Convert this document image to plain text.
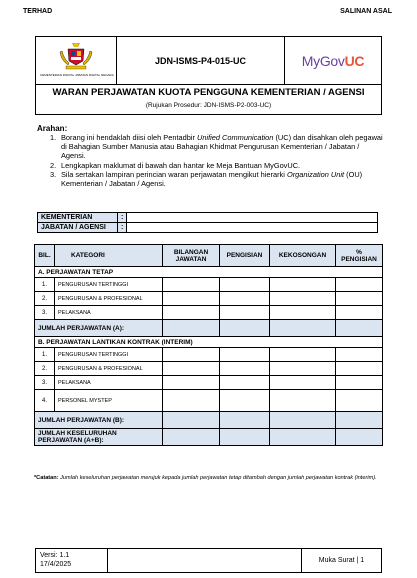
TERHAD	SALINAN ASAL
KEMENTERIAN DIGITAL JABATAN DIGITAL NEGARA
JDN-ISMS-P4-015-UC	MyGovUC
WARAN PERJAWATAN KUOTA PENGGUNA KEMENTERIAN / AGENSI
(Rujukan Prosedur: JDN-ISMS-P2-003-UC)
Arahan:
1. Borang ini hendaklah diisi oleh Pentadbir Unified Communication (UC) dan disahkan oleh pegawai di Bahagian Sumber Manusia atau Bahagian Khidmat Pengurusan Kementerian / Jabatan / Agensi.
2. Lengkapkan maklumat di bawah dan hantar ke Meja Bantuan MyGovUC.
3. Sila sertakan lampiran perincian waran perjawatan mengikut hierarki Organization Unit (OU) Kementerian / Jabatan / Agensi.
KEMENTERIAN	:	
JABATAN / AGENSI	:	
BIL.	KATEGORI	BILANGAN JAWATAN	PENGISIAN	KEKOSONGAN	% PENGISIAN
A. PERJAWATAN TETAP					
1.	PENGURUSAN TERTINGGI				
2.	PENGURUSAN & PROFESIONAL				
3.	PELAKSANA				
JUMLAH PERJAWATAN (A):					
B. PERJAWATAN LANTIKAN KONTRAK (INTERIM)					
1.	PENGURUSAN TERTINGGI				
2.	PENGURUSAN & PROFESIONAL				
3.	PELAKSANA				
4.	PERSONEL MYSTEP				
JUMLAH PERJAWATAN (B):					
JUMLAH KESELURUHAN PERJAWATAN (A+B):					
*Catatan: Jumlah keseluruhan perjawatan merujuk kepada jumlah perjawatan tetap ditambah dengan jumlah perjawatan kontrak (interim).
Versi: 1.1
17/4/2025
Muka Surat | 1
